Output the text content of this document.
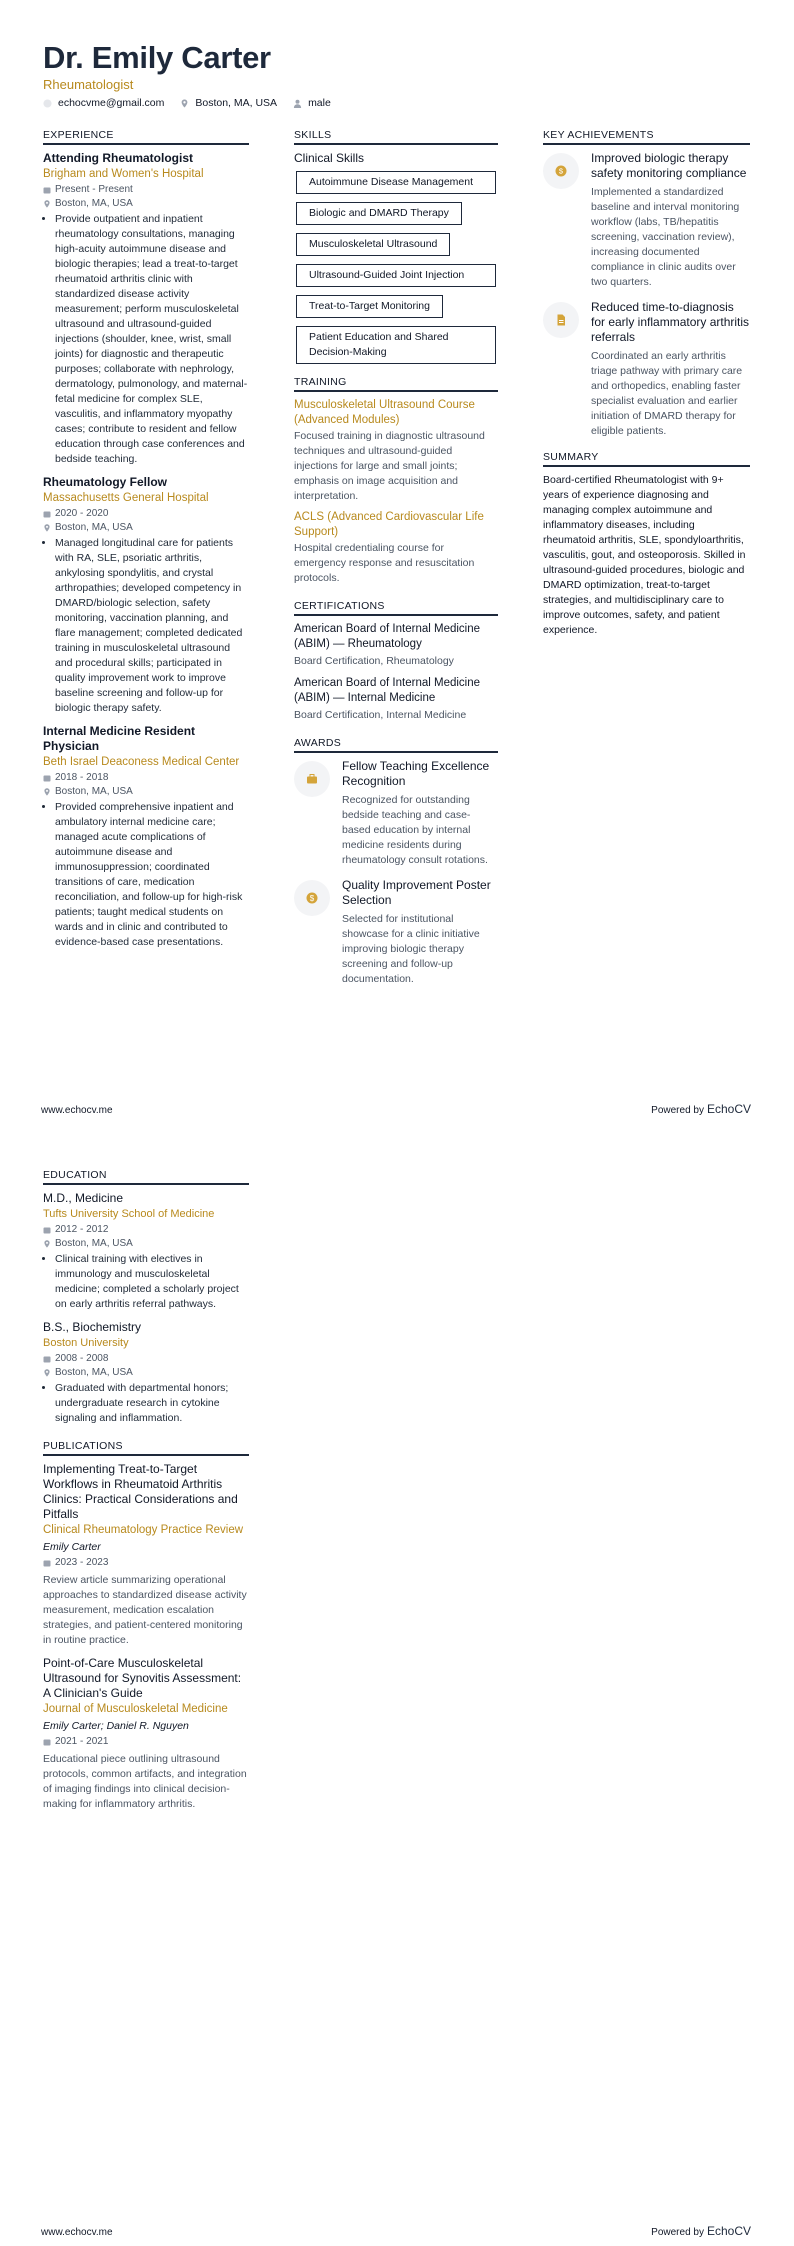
Dr. Emily Carter
Rheumatologist
echocvme@gmail.com	Boston, MA, USA	male
EXPERIENCE
Attending Rheumatologist
Brigham and Women's Hospital
Present - Present
Boston, MA, USA
• Provide outpatient and inpatient rheumatology consultations, managing high-acuity autoimmune disease and biologic therapies; lead a treat-to-target rheumatoid arthritis clinic with standardized disease activity measurement; perform musculoskeletal ultrasound and ultrasound-guided injections (shoulder, knee, wrist, small joints) for diagnostic and therapeutic purposes; collaborate with nephrology, dermatology, pulmonology, and maternal-fetal medicine for complex SLE, vasculitis, and inflammatory myopathy cases; contribute to resident and fellow education through case conferences and bedside teaching.
Rheumatology Fellow
Massachusetts General Hospital
2020 - 2020
Boston, MA, USA
• Managed longitudinal care for patients with RA, SLE, psoriatic arthritis, ankylosing spondylitis, and crystal arthropathies; developed competency in DMARD/biologic selection, safety monitoring, vaccination planning, and flare management; completed dedicated training in musculoskeletal ultrasound and procedural skills; participated in quality improvement work to improve baseline screening and follow-up for biologic therapy safety.
Internal Medicine Resident Physician
Beth Israel Deaconess Medical Center
2018 - 2018
Boston, MA, USA
• Provided comprehensive inpatient and ambulatory internal medicine care; managed acute complications of autoimmune disease and immunosuppression; coordinated transitions of care, medication reconciliation, and follow-up for high-risk patients; taught medical students on wards and in clinic and contributed to evidence-based case presentations.
SKILLS
Clinical Skills
Autoimmune Disease Management
Biologic and DMARD Therapy
Musculoskeletal Ultrasound
Ultrasound-Guided Joint Injection
Treat-to-Target Monitoring
Patient Education and Shared Decision-Making
TRAINING
Musculoskeletal Ultrasound Course (Advanced Modules)
Focused training in diagnostic ultrasound techniques and ultrasound-guided injections for large and small joints; emphasis on image acquisition and interpretation.
ACLS (Advanced Cardiovascular Life Support)
Hospital credentialing course for emergency response and resuscitation protocols.
CERTIFICATIONS
American Board of Internal Medicine (ABIM) — Rheumatology
Board Certification, Rheumatology
American Board of Internal Medicine (ABIM) — Internal Medicine
Board Certification, Internal Medicine
AWARDS
Fellow Teaching Excellence Recognition
Recognized for outstanding bedside teaching and case-based education by internal medicine residents during rheumatology consult rotations.
$
Quality Improvement Poster Selection
Selected for institutional showcase for a clinic initiative improving biologic therapy screening and follow-up documentation.
KEY ACHIEVEMENTS
$
Improved biologic therapy safety monitoring compliance
Implemented a standardized baseline and interval monitoring workflow (labs, TB/hepatitis screening, vaccination review), increasing documented compliance in clinic audits over two quarters.
Reduced time-to-diagnosis for early inflammatory arthritis referrals
Coordinated an early arthritis triage pathway with primary care and orthopedics, enabling faster specialist evaluation and earlier initiation of DMARD therapy for eligible patients.
SUMMARY
Board-certified Rheumatologist with 9+ years of experience diagnosing and managing complex autoimmune and inflammatory diseases, including rheumatoid arthritis, SLE, spondyloarthritis, vasculitis, gout, and osteoporosis. Skilled in ultrasound-guided procedures, biologic and DMARD optimization, treat-to-target strategies, and multidisciplinary care to improve outcomes, safety, and patient experience.
www.echocv.me	Powered by EchoCV
EDUCATION
M.D., Medicine
Tufts University School of Medicine
2012 - 2012
Boston, MA, USA
• Clinical training with electives in immunology and musculoskeletal medicine; completed a scholarly project on early arthritis referral pathways.
B.S., Biochemistry
Boston University
2008 - 2008
Boston, MA, USA
• Graduated with departmental honors; undergraduate research in cytokine signaling and inflammation.
PUBLICATIONS
Implementing Treat-to-Target Workflows in Rheumatoid Arthritis Clinics: Practical Considerations and Pitfalls
Clinical Rheumatology Practice Review
Emily Carter
2023 - 2023
Review article summarizing operational approaches to standardized disease activity measurement, medication escalation strategies, and patient-centered monitoring in routine practice.
Point-of-Care Musculoskeletal Ultrasound for Synovitis Assessment: A Clinician's Guide
Journal of Musculoskeletal Medicine
Emily Carter; Daniel R. Nguyen
2021 - 2021
Educational piece outlining ultrasound protocols, common artifacts, and integration of imaging findings into clinical decision-making for inflammatory arthritis.
www.echocv.me	Powered by EchoCV
